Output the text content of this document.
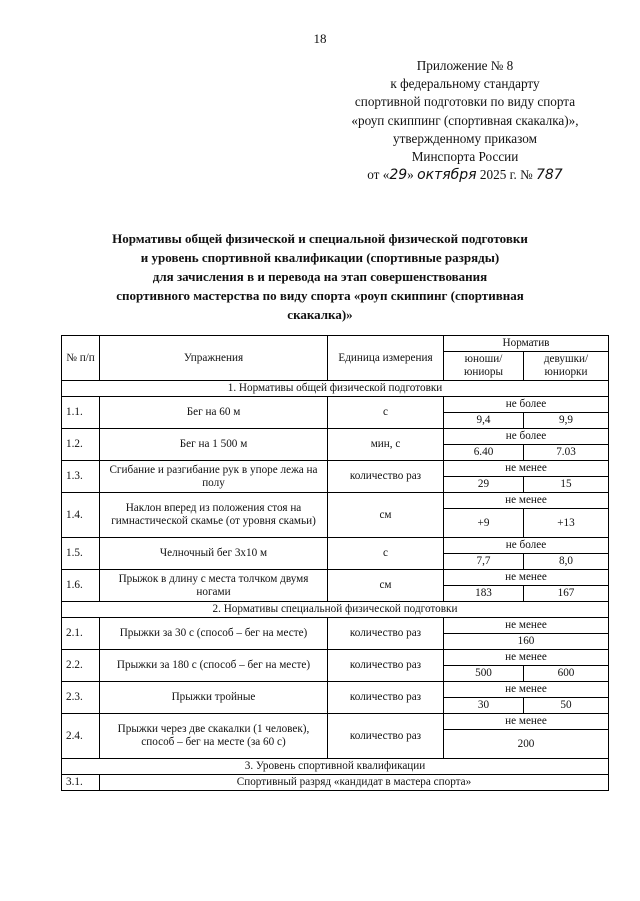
18
Приложение № 8
к федеральному стандарту
спортивной подготовки по виду спорта
«роуп скиппинг (спортивная скакалка)»,
утвержденному приказом
Минспорта России
от «29» октября 2025 г. № 787
Нормативы общей физической и специальной физической подготовки
и уровень спортивной квалификации (спортивные разряды)
для зачисления в и перевода на этап совершенствования
спортивного мастерства по виду спорта «роуп скиппинг (спортивная
скакалка)»
№ п/п	Упражнения	Единица измерения	Норматив	
			юноши/ юниоры	девушки/ юниорки
1. Нормативы общей физической подготовки				
1.1.	Бег на 60 м	с	не более	
			9,4	9,9
1.2.	Бег на 1 500 м	мин, с	не более	
			6.40	7.03
1.3.	Сгибание и разгибание рук в упоре лежа на полу	количество раз	не менее	
			29	15
1.4.	Наклон вперед из положения стоя на гимнастической скамье (от уровня скамьи)	см	не менее	
			+9	+13
1.5.	Челночный бег 3х10 м	с	не более	
			7,7	8,0
1.6.	Прыжок в длину с места толчком двумя ногами	см	не менее	
			183	167
2. Нормативы специальной физической подготовки				
2.1.	Прыжки за 30 с (способ – бег на месте)	количество раз	не менее	
			160	
2.2.	Прыжки за 180 с (способ – бег на месте)	количество раз	не менее	
			500	600
2.3.	Прыжки тройные	количество раз	не менее	
			30	50
2.4.	Прыжки через две скакалки (1 человек), способ – бег на месте (за 60 с)	количество раз	не менее	
			200	
3. Уровень спортивной квалификации				
3.1.	Спортивный разряд «кандидат в мастера спорта»			
